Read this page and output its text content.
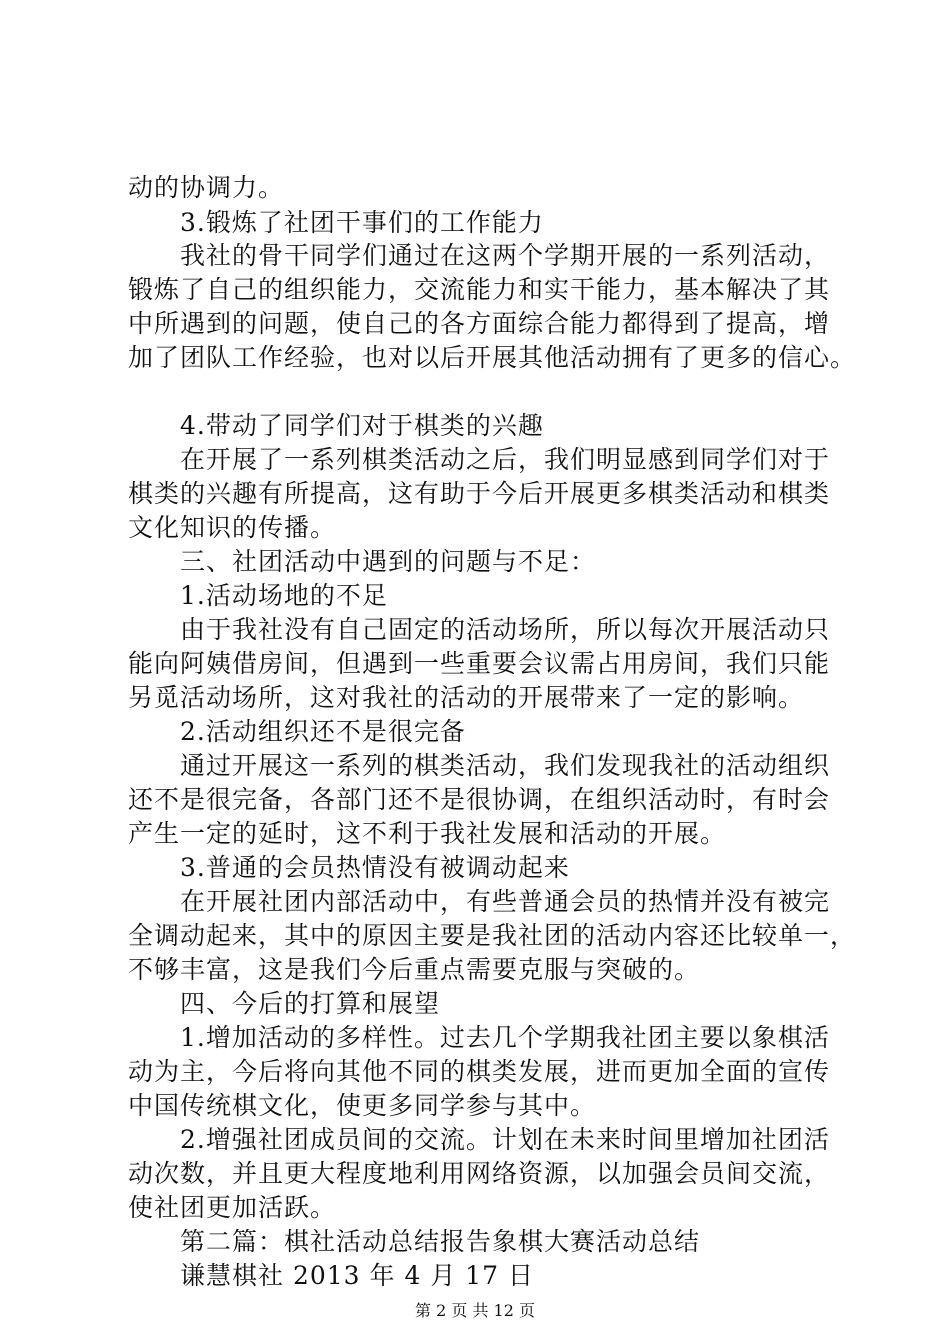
动的协调力。
　　3.锻炼了社团干事们的工作能力
　　我社的骨干同学们通过在这两个学期开展的一系列活动，
锻炼了自己的组织能力，交流能力和实干能力，基本解决了其
中所遇到的问题，使自己的各方面综合能力都得到了提高，增
加了团队工作经验，也对以后开展其他活动拥有了更多的信心。
　　4.带动了同学们对于棋类的兴趣
　　在开展了一系列棋类活动之后，我们明显感到同学们对于
棋类的兴趣有所提高，这有助于今后开展更多棋类活动和棋类
文化知识的传播。
　　三、社团活动中遇到的问题与不足：
　　1.活动场地的不足
　　由于我社没有自己固定的活动场所，所以每次开展活动只
能向阿姨借房间，但遇到一些重要会议需占用房间，我们只能
另觅活动场所，这对我社的活动的开展带来了一定的影响。
　　2.活动组织还不是很完备
　　通过开展这一系列的棋类活动，我们发现我社的活动组织
还不是很完备，各部门还不是很协调，在组织活动时，有时会
产生一定的延时，这不利于我社发展和活动的开展。
　　3.普通的会员热情没有被调动起来
　　在开展社团内部活动中，有些普通会员的热情并没有被完
全调动起来，其中的原因主要是我社团的活动内容还比较单一，
不够丰富，这是我们今后重点需要克服与突破的。
　　四、今后的打算和展望
　　1.增加活动的多样性。过去几个学期我社团主要以象棋活
动为主，今后将向其他不同的棋类发展，进而更加全面的宣传
中国传统棋文化，使更多同学参与其中。
　　2.增强社团成员间的交流。计划在未来时间里增加社团活
动次数，并且更大程度地利用网络资源，以加强会员间交流，
使社团更加活跃。
　　第二篇：棋社活动总结报告象棋大赛活动总结
　　谦慧棋社 2013 年 4 月 17 日
第 2 页 共 12 页
